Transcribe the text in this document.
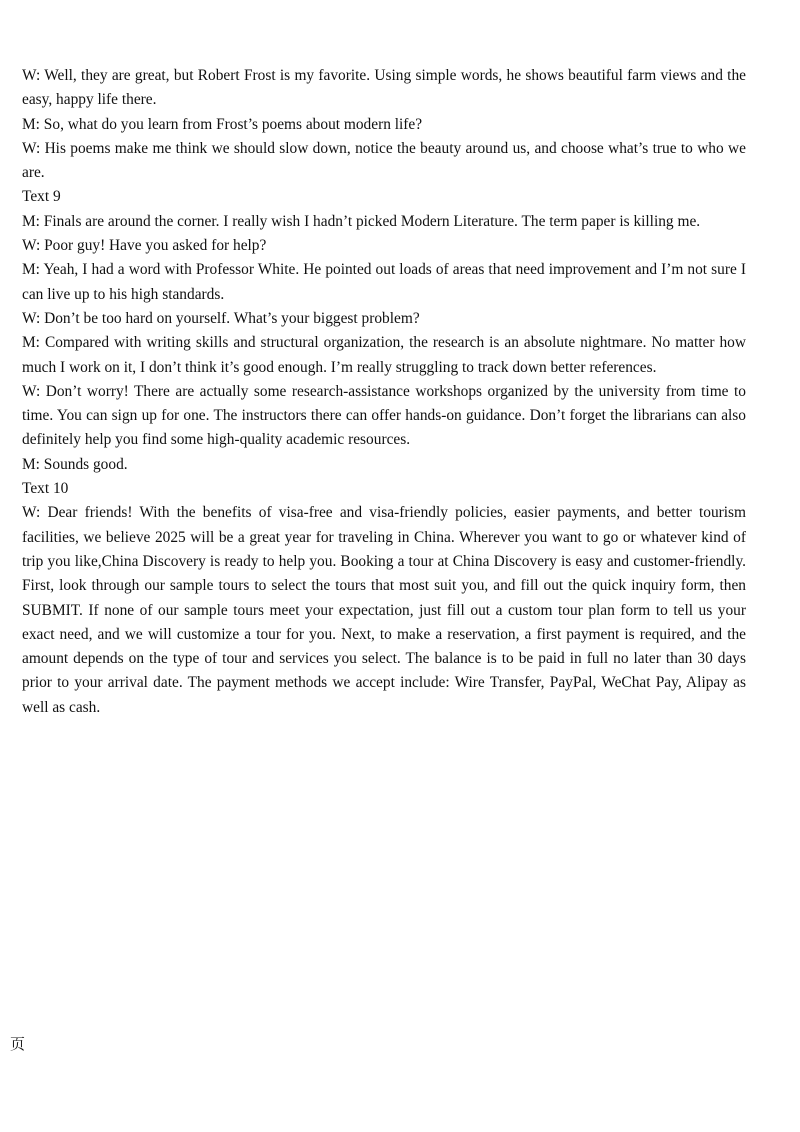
W: Well, they are great, but Robert Frost is my favorite. Using simple words, he shows beautiful farm views and the easy, happy life there.

M: So, what do you learn from Frost’s poems about modern life?

W: His poems make me think we should slow down, notice the beauty around us, and choose what’s true to who we are.

Text 9

M: Finals are around the corner. I really wish I hadn’t picked Modern Literature. The term paper is killing me.

W: Poor guy! Have you asked for help?

M: Yeah, I had a word with Professor White. He pointed out loads of areas that need improvement and I’m not sure I can live up to his high standards.

W: Don’t be too hard on yourself. What’s your biggest problem?

M: Compared with writing skills and structural organization, the research is an absolute nightmare. No matter how much I work on it, I don’t think it’s good enough. I’m really struggling to track down better references.

W: Don’t worry! There are actually some research-assistance workshops organized by the university from time to time. You can sign up for one. The instructors there can offer hands-on guidance. Don’t forget the librarians can also definitely help you find some high-quality academic resources.

M: Sounds good.

Text 10

W: Dear friends! With the benefits of visa-free and visa-friendly policies, easier payments, and better tourism facilities, we believe 2025 will be a great year for traveling in China. Wherever you want to go or whatever kind of trip you like,China Discovery is ready to help you. Booking a tour at China Discovery is easy and customer-friendly. First, look through our sample tours to select the tours that most suit you, and fill out the quick inquiry form, then SUBMIT. If none of our sample tours meet your expectation, just fill out a custom tour plan form to tell us your exact need, and we will customize a tour for you. Next, to make a reservation, a first payment is required, and the amount depends on the type of tour and services you select. The balance is to be paid in full no later than 30 days prior to your arrival date. The payment methods we accept include: Wire Transfer, PayPal, WeChat Pay, Alipay as well as cash.

页
